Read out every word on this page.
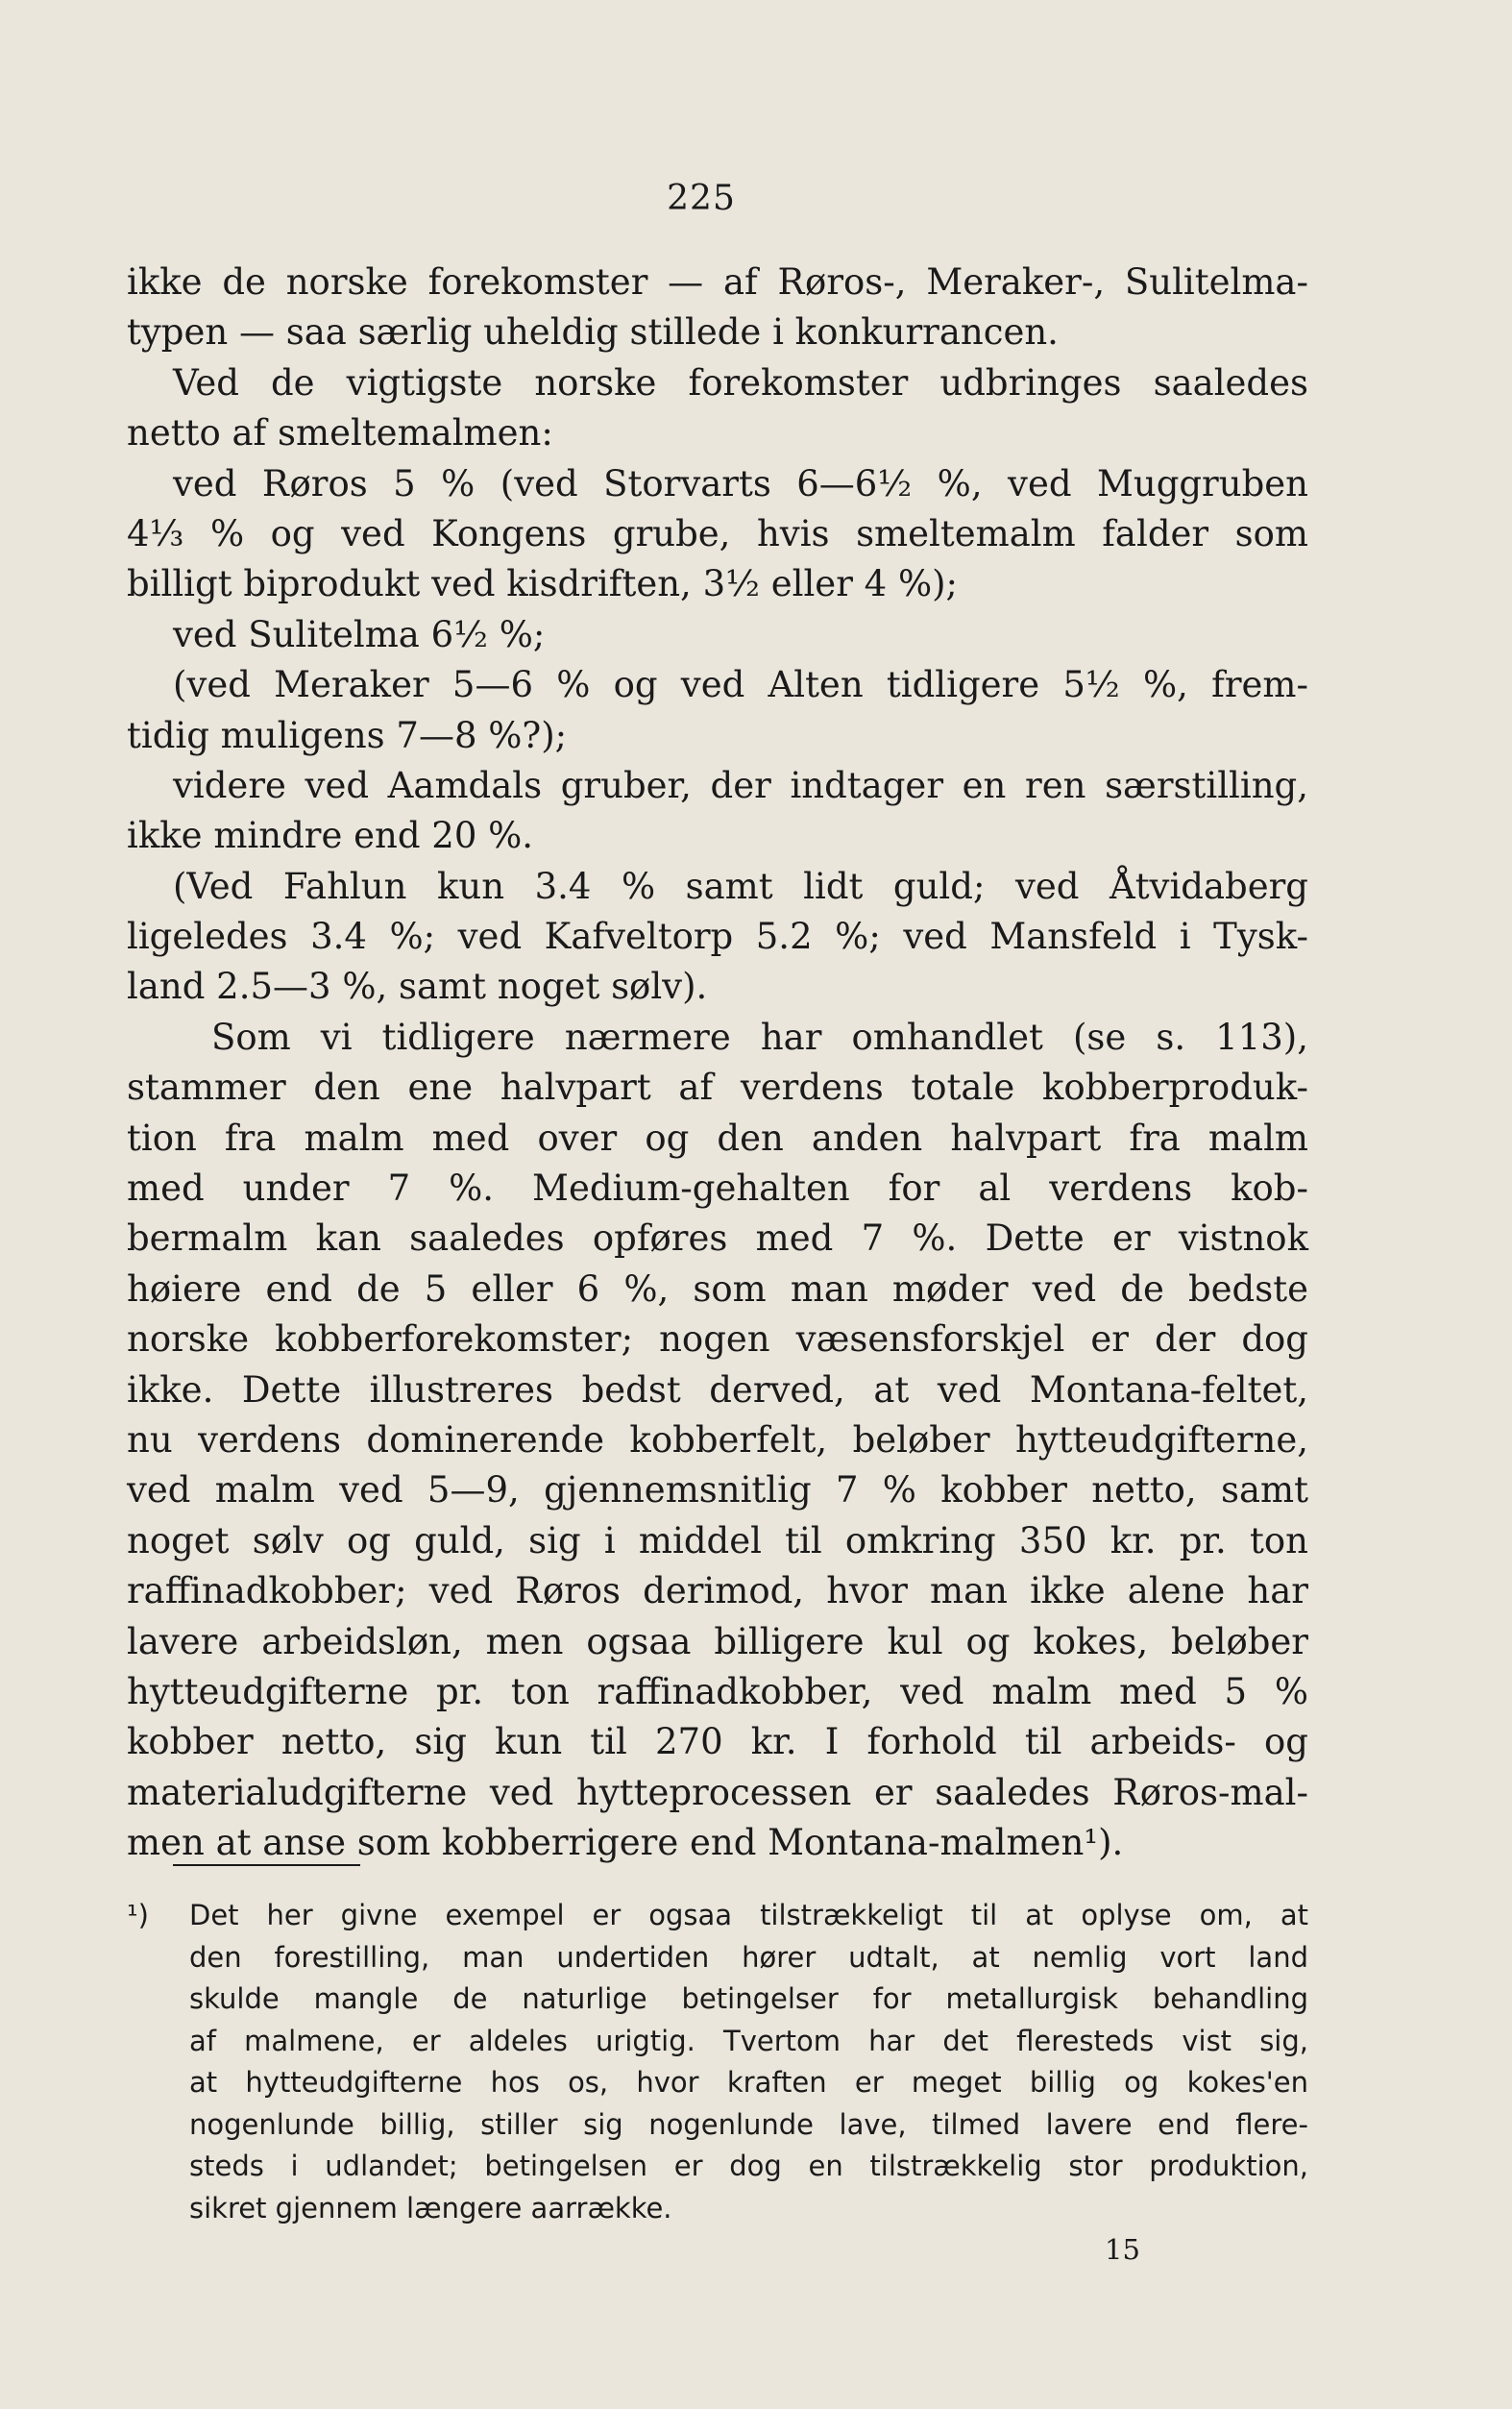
225
ikke de norske forekomster — af Røros-, Meraker-, Sulitelma-
typen — saa særlig uheldig stillede i konkurrancen.
Ved de vigtigste norske forekomster udbringes saaledes
netto af smeltemalmen:
ved Røros 5 % (ved Storvarts 6—6½ %, ved Muggruben
4⅓ % og ved Kongens grube, hvis smeltemalm falder som
billigt biprodukt ved kisdriften, 3½ eller 4 %);
ved Sulitelma 6½ %;
(ved Meraker 5—6 % og ved Alten tidligere 5½ %, frem-
tidig muligens 7—8 %?);
videre ved Aamdals gruber, der indtager en ren særstilling,
ikke mindre end 20 %.
(Ved Fahlun kun 3.4 % samt lidt guld; ved Åtvidaberg
ligeledes 3.4 %; ved Kafveltorp 5.2 %; ved Mansfeld i Tysk-
land 2.5—3 %, samt noget sølv).
Som vi tidligere nærmere har omhandlet (se s. 113),
stammer den ene halvpart af verdens totale kobberproduk-
tion fra malm med over og den anden halvpart fra malm
med under 7 %. Medium-gehalten for al verdens kob-
bermalm kan saaledes opføres med 7 %. Dette er vistnok
høiere end de 5 eller 6 %, som man møder ved de bedste
norske kobberforekomster; nogen væsensforskjel er der dog
ikke. Dette illustreres bedst derved, at ved Montana-feltet,
nu verdens dominerende kobberfelt, beløber hytteudgifterne,
ved malm ved 5—9, gjennemsnitlig 7 % kobber netto, samt
noget sølv og guld, sig i middel til omkring 350 kr. pr. ton
raffinadkobber; ved Røros derimod, hvor man ikke alene har
lavere arbeidsløn, men ogsaa billigere kul og kokes, beløber
hytteudgifterne pr. ton raffinadkobber, ved malm med 5 %
kobber netto, sig kun til 270 kr. I forhold til arbeids- og
materialudgifterne ved hytteprocessen er saaledes Røros-mal-
men at anse som kobberrigere end Montana-malmen¹).
¹)	Det her givne exempel er ogsaa tilstrækkeligt til at oplyse om, at
den forestilling, man undertiden hører udtalt, at nemlig vort land
skulde mangle de naturlige betingelser for metallurgisk behandling
af malmene, er aldeles urigtig. Tvertom har det fleresteds vist sig,
at hytteudgifterne hos os, hvor kraften er meget billig og kokes'en
nogenlunde billig, stiller sig nogenlunde lave, tilmed lavere end flere-
steds i udlandet; betingelsen er dog en tilstrækkelig stor produktion,
sikret gjennem længere aarrække.
15
